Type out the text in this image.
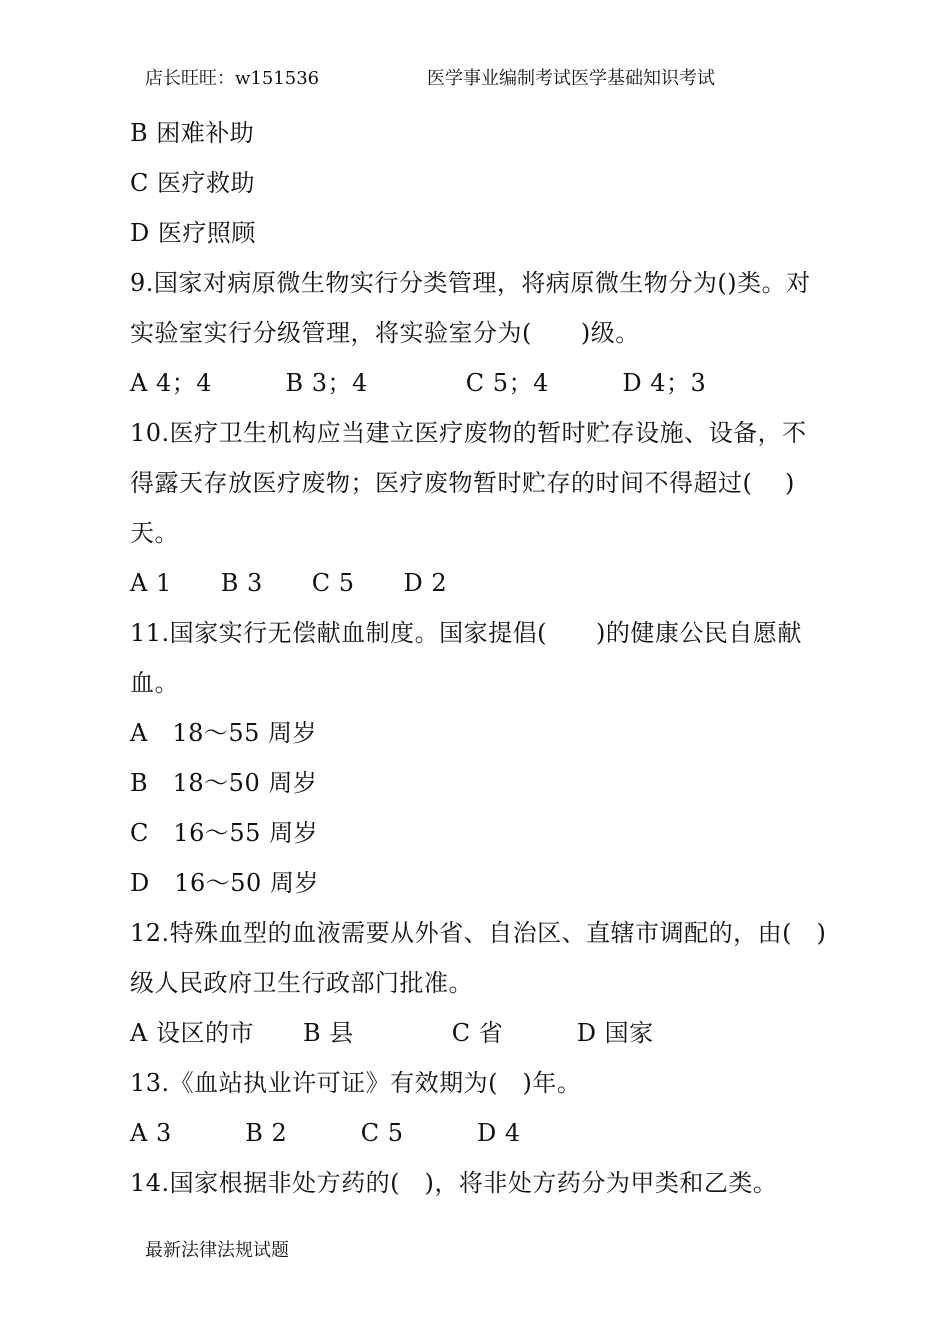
店长旺旺：w151536	医学事业编制考试医学基础知识考试
B 困难补助
C 医疗救助
D 医疗照顾
9.国家对病原微生物实行分类管理，将病原微生物分为()类。对
实验室实行分级管理，将实验室分为(　　)级。
A 4；4　　　B 3；4　　　　C 5；4　　　D 4；3
10.医疗卫生机构应当建立医疗废物的暂时贮存设施、设备，不
得露天存放医疗废物；医疗废物暂时贮存的时间不得超过(　 )
天。
A 1　　B 3　　C 5　　D 2
11.国家实行无偿献血制度。国家提倡(　　)的健康公民自愿献
血。
A　18～55 周岁
B　18～50 周岁
C　16～55 周岁
D　16～50 周岁
12.特殊血型的血液需要从外省、自治区、直辖市调配的，由(　)
级人民政府卫生行政部门批准。
A 设区的市　　B 县　　　　C 省　　　D 国家
13.《血站执业许可证》有效期为(　)年。
A 3　　　B 2　　　C 5　　　D 4
14.国家根据非处方药的(　)，将非处方药分为甲类和乙类。
最新法律法规试题
